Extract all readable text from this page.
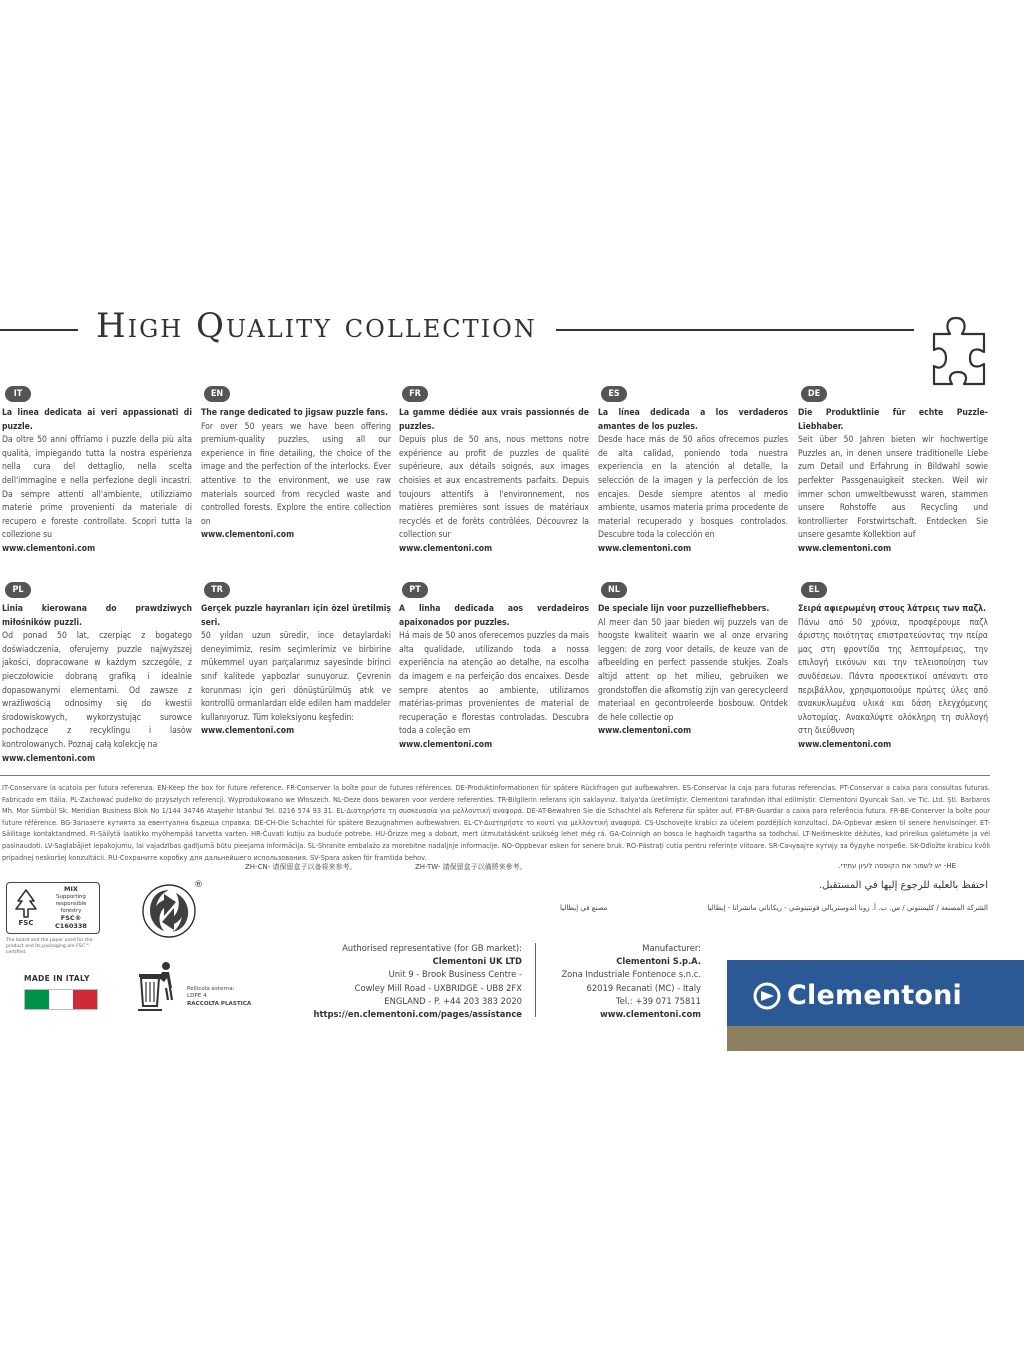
High Quality collection
IT
La linea dedicata ai veri appassionati di puzzle.
Da oltre 50 anni offriamo i puzzle della più alta qualità, impiegando tutta la nostra esperienza nella cura del dettaglio, nella scelta dell'immagine e nella perfezione degli incastri. Da sempre attenti all'ambiente, utilizziamo materie prime provenienti da materiale di recupero e foreste controllate. Scopri tutta la collezione su
www.clementoni.com
EN
The range dedicated to jigsaw puzzle fans.
For over 50 years we have been offering premium-quality puzzles, using all our experience in fine detailing, the choice of the image and the perfection of the interlocks. Ever attentive to the environment, we use raw materials sourced from recycled waste and controlled forests. Explore the entire collection on
www.clementoni.com
FR
La gamme dédiée aux vrais passionnés de puzzles.
Depuis plus de 50 ans, nous mettons notre expérience au profit de puzzles de qualité supérieure, aux détails soignés, aux images choisies et aux encastrements parfaits. Depuis toujours attentifs à l'environnement, nos matières premières sont issues de matériaux recyclés et de forêts contrôlées. Découvrez la collection sur
www.clementoni.com
ES
La línea dedicada a los verdaderos amantes de los puzles.
Desde hace más de 50 años ofrecemos puzles de alta calidad, poniendo toda nuestra experiencia en la atención al detalle, la selección de la imagen y la perfección de los encajes. Desde siempre atentos al medio ambiente, usamos materia prima procedente de material recuperado y bosques controlados. Descubre toda la colección en
www.clementoni.com
DE
Die Produktlinie für echte Puzzle-Liebhaber.
Seit über 50 Jahren bieten wir hochwertige Puzzles an, in denen unsere traditionelle Liebe zum Detail und Erfahrung in Bildwahl sowie perfekter Passgenauigkeit stecken. Weil wir immer schon umweltbewusst waren, stammen unsere Rohstoffe aus Recycling und kontrollierter Forstwirtschaft. Entdecken Sie unsere gesamte Kollektion auf
www.clementoni.com
PL
Linia kierowana do prawdziwych miłośników puzzli.
Od ponad 50 lat, czerpiąc z bogatego doświadczenia, oferujemy puzzle najwyższej jakości, dopracowane w każdym szczególe, z pieczołowicie dobraną grafiką i idealnie dopasowanymi elementami. Od zawsze z wrażliwością odnosimy się do kwestii środowiskowych, wykorzystując surowce pochodzące z recyklingu i lasów kontrolowanych. Poznaj całą kolekcję na
www.clementoni.com
TR
Gerçek puzzle hayranları için özel üretilmiş seri.
50 yıldan uzun süredir, ince detaylardaki deneyimimiz, resim seçimlerimiz ve birbirine mükemmel uyan parçalarımız sayesinde birinci sınıf kalitede yapbozlar sunuyoruz. Çevrenin korunması için geri dönüştürülmüş atık ve kontrollü ormanlardan elde edilen ham maddeler kullanıyoruz. Tüm koleksiyonu keşfedin:
www.clementoni.com
PT
A linha dedicada aos verdadeiros apaixonados por puzzles.
Há mais de 50 anos oferecemos puzzles da mais alta qualidade, utilizando toda a nossa experiência na atenção ao detalhe, na escolha da imagem e na perfeição dos encaixes. Desde sempre atentos ao ambiente, utilizamos matérias-primas provenientes de material de recuperação e florestas controladas. Descubra toda a coleção em
www.clementoni.com
NL
De speciale lijn voor puzzelliefhebbers.
Al meer dan 50 jaar bieden wij puzzels van de hoogste kwaliteit waarin we al onze ervaring leggen: de zorg voor details, de keuze van de afbeelding en perfect passende stukjes. Zoals altijd attent op het milieu, gebruiken we grondstoffen die afkomstig zijn van gerecycleerd materiaal en gecontroleerde bosbouw. Ontdek de hele collectie op
www.clementoni.com
EL
Σειρά αφιερωμένη στους λάτρεις των παζλ.
Πάνω από 50 χρόνια, προσφέρουμε παζλ άριστης ποιότητας επιστρατεύοντας την πείρα μας στη φροντίδα της λεπτομέρειας, την επιλογή εικόνων και την τελειοποίηση των συνδέσεων. Πάντα προσεκτικοί απέναντι στο περιβάλλον, χρησιμοποιούμε πρώτες ύλες από ανακυκλωμένα υλικά και δάση ελεγχόμενης υλοτομίας. Ανακαλύψτε ολόκληρη τη συλλογή στη διεύθυνση
www.clementoni.com
IT-Conservare la scatola per futura referenza. EN-Keep the box for future reference. FR-Conserver la boîte pour de futures références. DE-Produktinformationen für spätere Rückfragen gut aufbewahren. ES-Conservar la caja para futuras referencias. PT-Conservar a caixa para consultas futuras. Fabricado em Itália. PL-Zachować pudełko do przyszłych referencji. Wyprodukowano we Włoszech. NL-Deze doos bewaren voor verdere referenties. TR-Bilgilerin referans için saklayınız. İtalya'da üretilmiştir. Clementoni tarafından ithal edilmiştir. Clementoni Oyuncak San. ve Tic. Ltd. Şti. Barbaros Mh. Mor Sümbül Sk. Meridian Business Blok No 1/144 34746 Ataşehir İstanbul Tel. 0216 574 93 31. EL-Διατηρήστε τη συσκευασία για μελλοντική αναφορά. DE-AT-Bewahren Sie die Schachtel als Referenz für später auf. PT-BR-Guardar a caixa para referência futura. FR-BE-Conserver la boîte pour future référence. BG-Запазете кутията за евентуална бъдеща справка. DE-CH-Die Schachtel für spätere Bezugnahmen aufbewahren. EL-CY-Διατηρήστε το κουτί για μελλοντική αναφορά. CS-Uschovejte krabici za účelem pozdějších konzultací. DA-Opbevar æsken til senere henvisninger. ET-Säilitage kontaktandmed. FI-Säilytä laatikko myöhempää tarvetta varten. HR-Čuvati kutiju za buduće potrebe. HU-Őrizze meg a dobozt, mert útmutatásként szükség lehet még rá. GA-Coinnigh an bosca le haghaidh tagartha sa todhchaí. LT-Neišmeskite dėžutės, kad prireikus galėtumėte ja vėl pasinaudoti. LV-Saglabājiet iepakojumu, lai vajadzības gadījumā būtu pieejama informācija. SL-Shranite embalažo za morebitne nadaljnje informacije. NO-Oppbevar esken for senere bruk. RO-Păstrați cutia pentru referințe viitoare. SR-Сачувајте кутију за будуће потребе. SK-Odložte krabicu kvôli prípadnej neskoršej konzultácii. RU-Сохраните коробку для дальнейшего использования. SV-Spara asken för framtida behov.
ZH-CN- 请保留盒子以备将来参考。	ZH-TW- 請保留盒子以備將來參考。	HE- יש לשמור את הקופסה לעיון עתידי.
احتفظ بالعلبة للرجوع إليها في المستقبل.
الشركة المصنعة / كليمنتوني / س. ب. أ. زونا اندوستريالي فونتينوشي - ريكاناتي ماتشراتا - إيطاليا
مصنع في إيطاليا
FSC
MIX
Supporting
responsible forestry
FSC® C160338
The board and the paper used for the product and its packaging are FSC™ certified.
®
MADE IN ITALY
Pellicola esterna:
LDPE 4
RACCOLTA PLASTICA
Authorised representative (for GB market):
Clementoni UK LTD
Unit 9 - Brook Business Centre -
Cowley Mill Road - UXBRIDGE - UB8 2FX
ENGLAND - P. +44 203 383 2020
https://en.clementoni.com/pages/assistance
Manufacturer:
Clementoni S.p.A.
Zona Industriale Fontenoce s.n.c.
62019 Recanati (MC) - Italy
Tel.: +39 071 75811
www.clementoni.com
Clementoni
